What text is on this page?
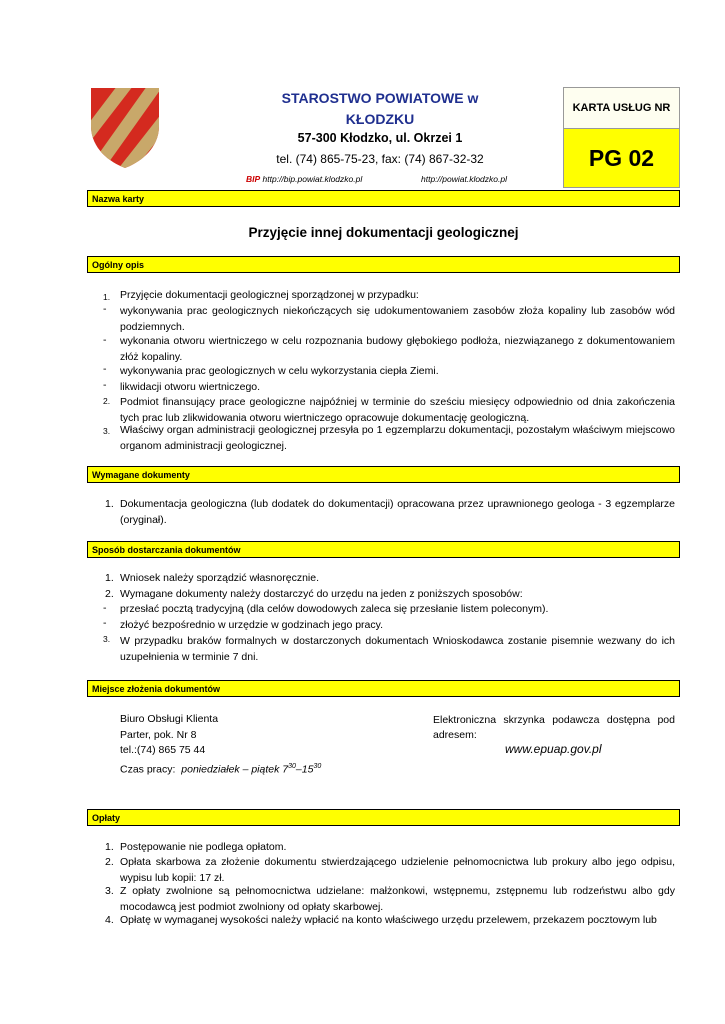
STAROSTWO POWIATOWE w
KŁODZKU
57-300 Kłodzko, ul. Okrzei 1
tel. (74) 865-75-23, fax: (74) 867-32-32
BIP http://bip.powiat.klodzko.pl	http://powiat.klodzko.pl
KARTA USŁUG NR
PG 02
Nazwa karty
Przyjęcie innej dokumentacji geologicznej
Ogólny opis
1. Przyjęcie dokumentacji geologicznej sporządzonej w przypadku:
- wykonywania prac geologicznych niekończących się udokumentowaniem zasobów złoża kopaliny lub zasobów wód podziemnych.
- wykonania otworu wiertniczego w celu rozpoznania budowy głębokiego podłoża, niezwiązanego z dokumentowaniem złóż kopaliny.
- wykonywania prac geologicznych w celu wykorzystania ciepła Ziemi.
- likwidacji otworu wiertniczego.
2. Podmiot finansujący prace geologiczne najpóźniej w terminie do sześciu miesięcy odpowiednio od dnia zakończenia tych prac lub zlikwidowania otworu wiertniczego opracowuje dokumentację geologiczną.
3. Właściwy organ administracji geologicznej przesyła po 1 egzemplarzu dokumentacji, pozostałym właściwym miejscowo organom administracji geologicznej.
Wymagane dokumenty
1. Dokumentacja geologiczna (lub dodatek do dokumentacji) opracowana przez uprawnionego geologa - 3 egzemplarze (oryginał).
Sposób dostarczania dokumentów
1. Wniosek należy sporządzić własnoręcznie.
2. Wymagane dokumenty należy dostarczyć do urzędu na jeden z poniższych sposobów:
- przesłać pocztą tradycyjną (dla celów dowodowych zaleca się przesłanie listem poleconym).
- złożyć bezpośrednio w urzędzie w godzinach jego pracy.
3. W przypadku braków formalnych w dostarczonych dokumentach Wnioskodawca zostanie pisemnie wezwany do ich uzupełnienia w terminie 7 dni.
Miejsce złożenia dokumentów
Biuro Obsługi Klienta
Parter, pok. Nr 8
tel.:(74) 865 75 44
Czas pracy: poniedziałek – piątek $7^{30}-15^{30}$
Elektroniczna skrzynka podawcza dostępna pod adresem:
www.epuap.gov.pl
Opłaty
1. Postępowanie nie podlega opłatom.
2. Opłata skarbowa za złożenie dokumentu stwierdzającego udzielenie pełnomocnictwa lub prokury albo jego odpisu, wypisu lub kopii: 17 zł.
3. Z opłaty zwolnione są pełnomocnictwa udzielane: małżonkowi, wstępnemu, zstępnemu lub rodzeństwu albo gdy mocodawcą jest podmiot zwolniony od opłaty skarbowej.
4. Opłatę w wymaganej wysokości należy wpłacić na konto właściwego urzędu przelewem, przekazem pocztowym lub
